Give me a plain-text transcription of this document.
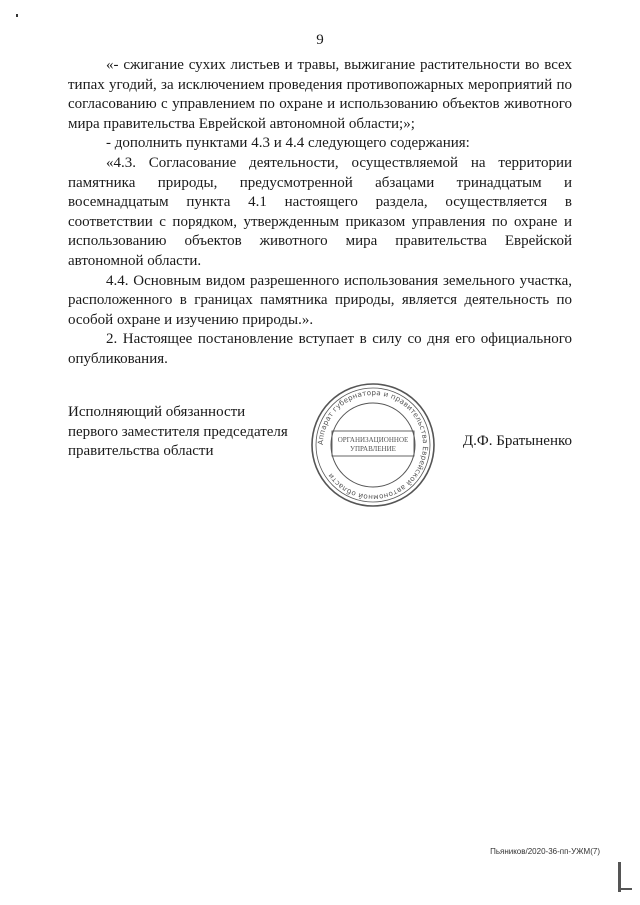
9

«- сжигание сухих листьев и травы, выжигание растительности во всех типах угодий, за исключением проведения противопожарных мероприятий по согласованию с управлением по охране и использованию объектов животного мира правительства Еврейской автономной области;»;

- дополнить пунктами 4.3 и 4.4 следующего содержания:

«4.3. Согласование деятельности, осуществляемой на территории памятника природы, предусмотренной абзацами тринадцатым и восемнадцатым пункта 4.1 настоящего раздела, осуществляется в соответствии с порядком, утвержденным приказом управления по охране и использованию объектов животного мира правительства Еврейской автономной области.

4.4. Основным видом разрешенного использования земельного участка, расположенного в границах памятника природы, является деятельность по особой охране и изучению природы.».

2. Настоящее постановление вступает в силу со дня его официального опубликования.

Исполняющий обязанности
первого заместителя председателя
правительства области
Аппарат губернатора и правительства Еврейской автономной области
ОРГАНИЗАЦИОННОЕ
УПРАВЛЕНИЕ	Д.Ф. Братыненко
Пьяников/2020-36-пп-УЖМ(7)
